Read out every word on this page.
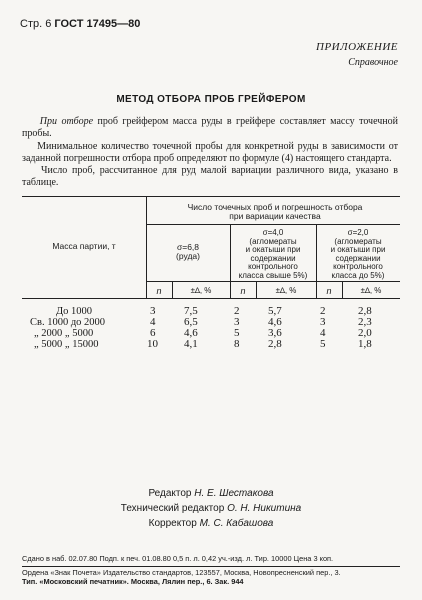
Стр. 6 ГОСТ 17495—80
ПРИЛОЖЕНИЕ
Справочное
МЕТОД ОТБОРА ПРОБ ГРЕЙФЕРОМ
При отборе проб грейфером масса руды в грейфере составляет массу точечной пробы.
Минимальное количество точечной пробы для конкретной руды в зависимости от заданной погрешности отбора проб определяют по формуле (4) настоящего стандарта.
Число проб, рассчитанное для руд малой вариации различного вида, указано в таблице.
Масса партии, т
Число точечных проб и погрешность отбора при вариации качества
σ=6,8
(руда)
σ=4,0
(агломераты
и окатыши при
содержании
контрольного
класса свыше 5%)
σ=2,0
(агломераты
и окатыши при
содержании
контрольного
класса до 5%)
n	±∆, %	n	±∆, %	n	±∆, %
До 1000	3	7,5	2	5,7	2	2,8
Св. 1000 до 2000	4	6,5	3	4,6	3	2,3
„ 2000 „ 5000	6	4,6	5	3,6	4	2,0
„ 5000 „ 15000	10 4,1	8	2,8	5	1,8
Редактор Н. Е. Шестакова
Технический редактор О. Н. Никитина
Корректор М. С. Кабашова
Сдано в наб. 02.07.80 Подп. к печ. 01.08.80 0,5 п. л. 0,42 уч.-изд. л. Тир. 10000 Цена 3 коп.
Ордена «Знак Почета» Издательство стандартов, 123557, Москва, Новопресненский пер., 3.
Тип. «Московский печатник». Москва, Лялин пер., 6. Зак. 944
